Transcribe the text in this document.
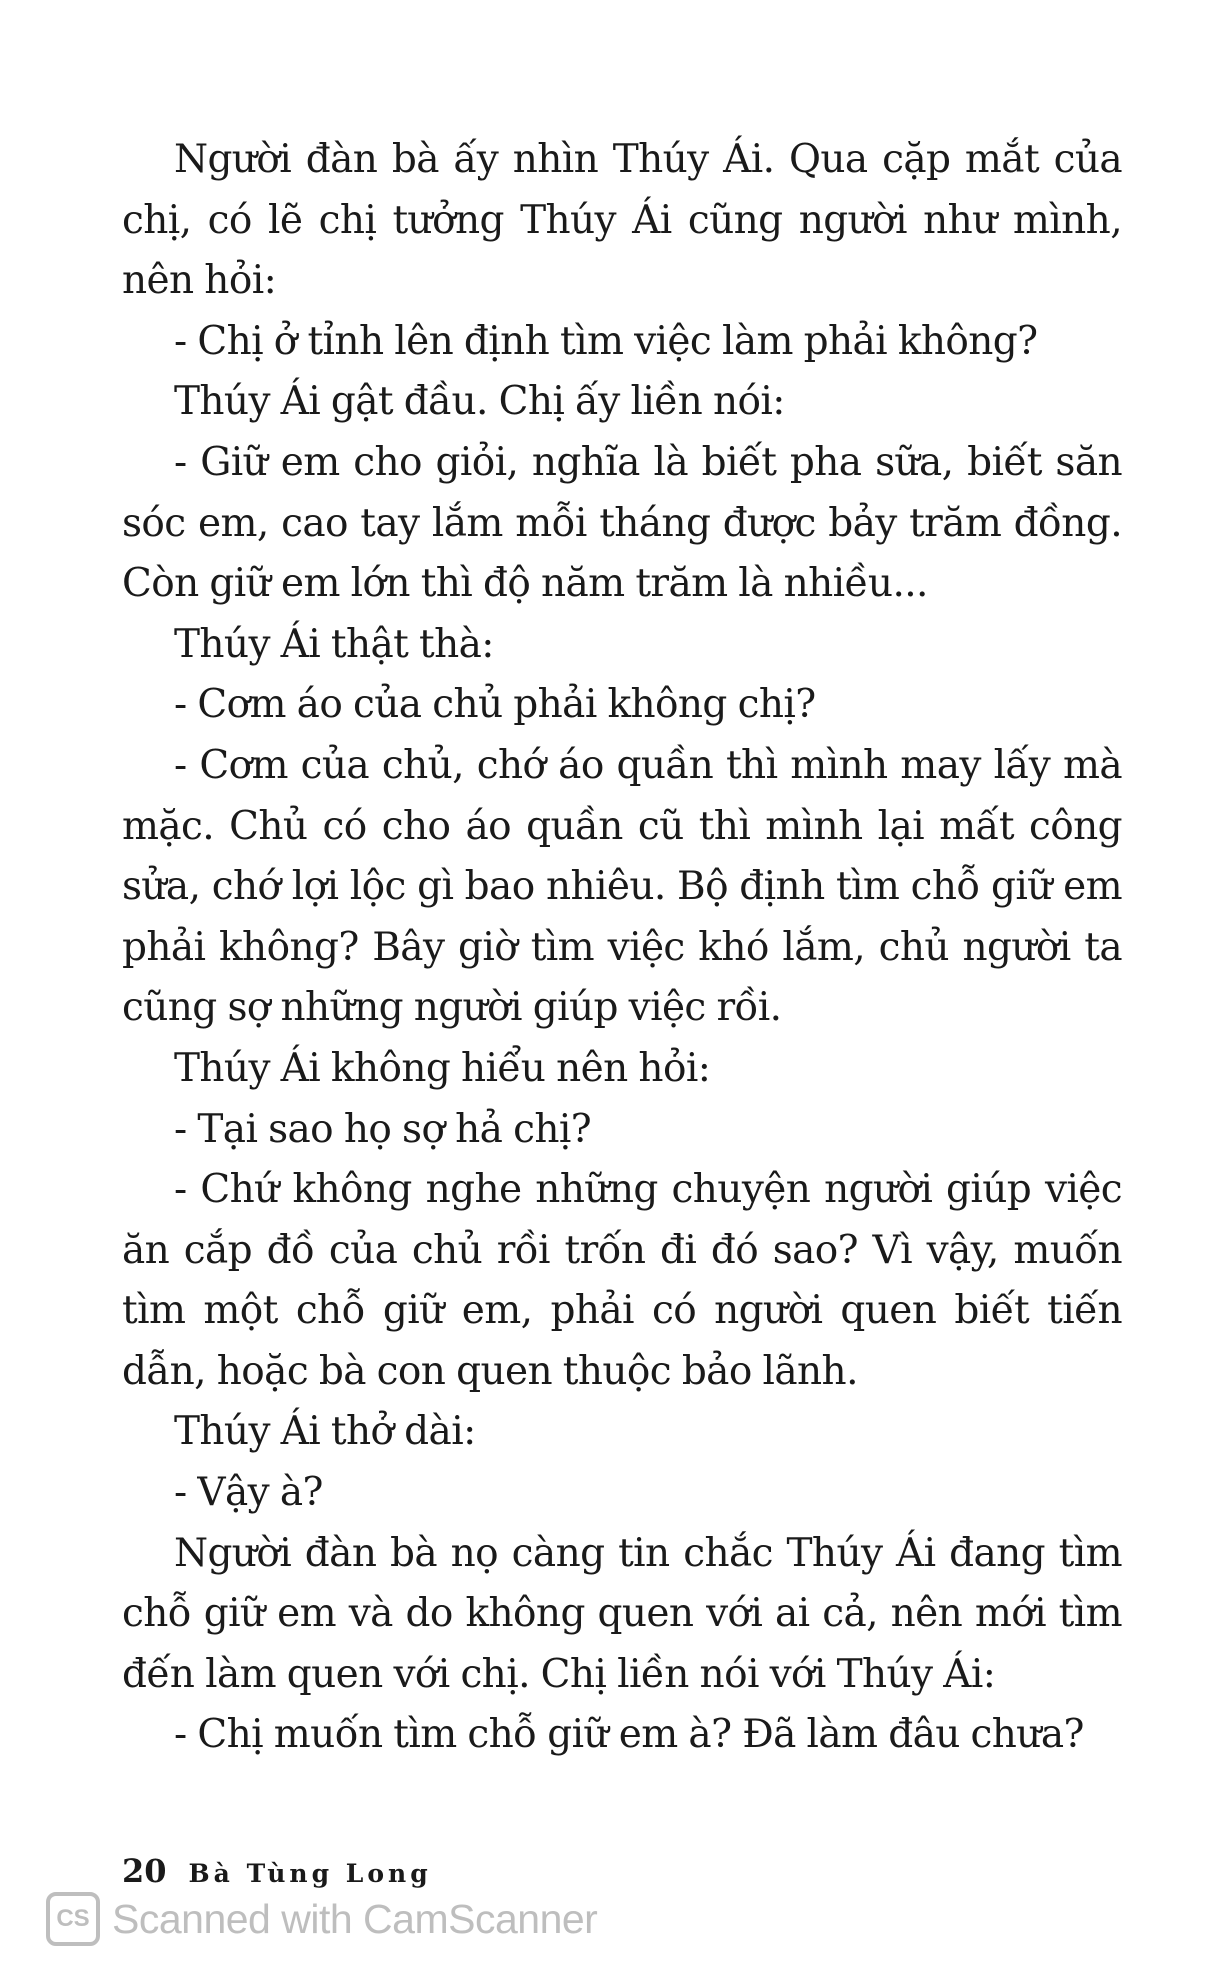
Người đàn bà ấy nhìn Thúy Ái. Qua cặp mắt của chị, có lẽ chị tưởng Thúy Ái cũng người như mình, nên hỏi:

- Chị ở tỉnh lên định tìm việc làm phải không?

Thúy Ái gật đầu. Chị ấy liền nói:

- Giữ em cho giỏi, nghĩa là biết pha sữa, biết săn sóc em, cao tay lắm mỗi tháng được bảy trăm đồng. Còn giữ em lớn thì độ năm trăm là nhiều...

Thúy Ái thật thà:

- Cơm áo của chủ phải không chị?

- Cơm của chủ, chớ áo quần thì mình may lấy mà mặc. Chủ có cho áo quần cũ thì mình lại mất công sửa, chớ lợi lộc gì bao nhiêu. Bộ định tìm chỗ giữ em phải không? Bây giờ tìm việc khó lắm, chủ người ta cũng sợ những người giúp việc rồi.

Thúy Ái không hiểu nên hỏi:

- Tại sao họ sợ hả chị?

- Chứ không nghe những chuyện người giúp việc ăn cắp đồ của chủ rồi trốn đi đó sao? Vì vậy, muốn tìm một chỗ giữ em, phải có người quen biết tiến dẫn, hoặc bà con quen thuộc bảo lãnh.

Thúy Ái thở dài:

- Vậy à?

Người đàn bà nọ càng tin chắc Thúy Ái đang tìm chỗ giữ em và do không quen với ai cả, nên mới tìm đến làm quen với chị. Chị liền nói với Thúy Ái:

- Chị muốn tìm chỗ giữ em à? Đã làm đâu chưa?

20 Bà Tùng Long
CS Scanned with CamScanner
